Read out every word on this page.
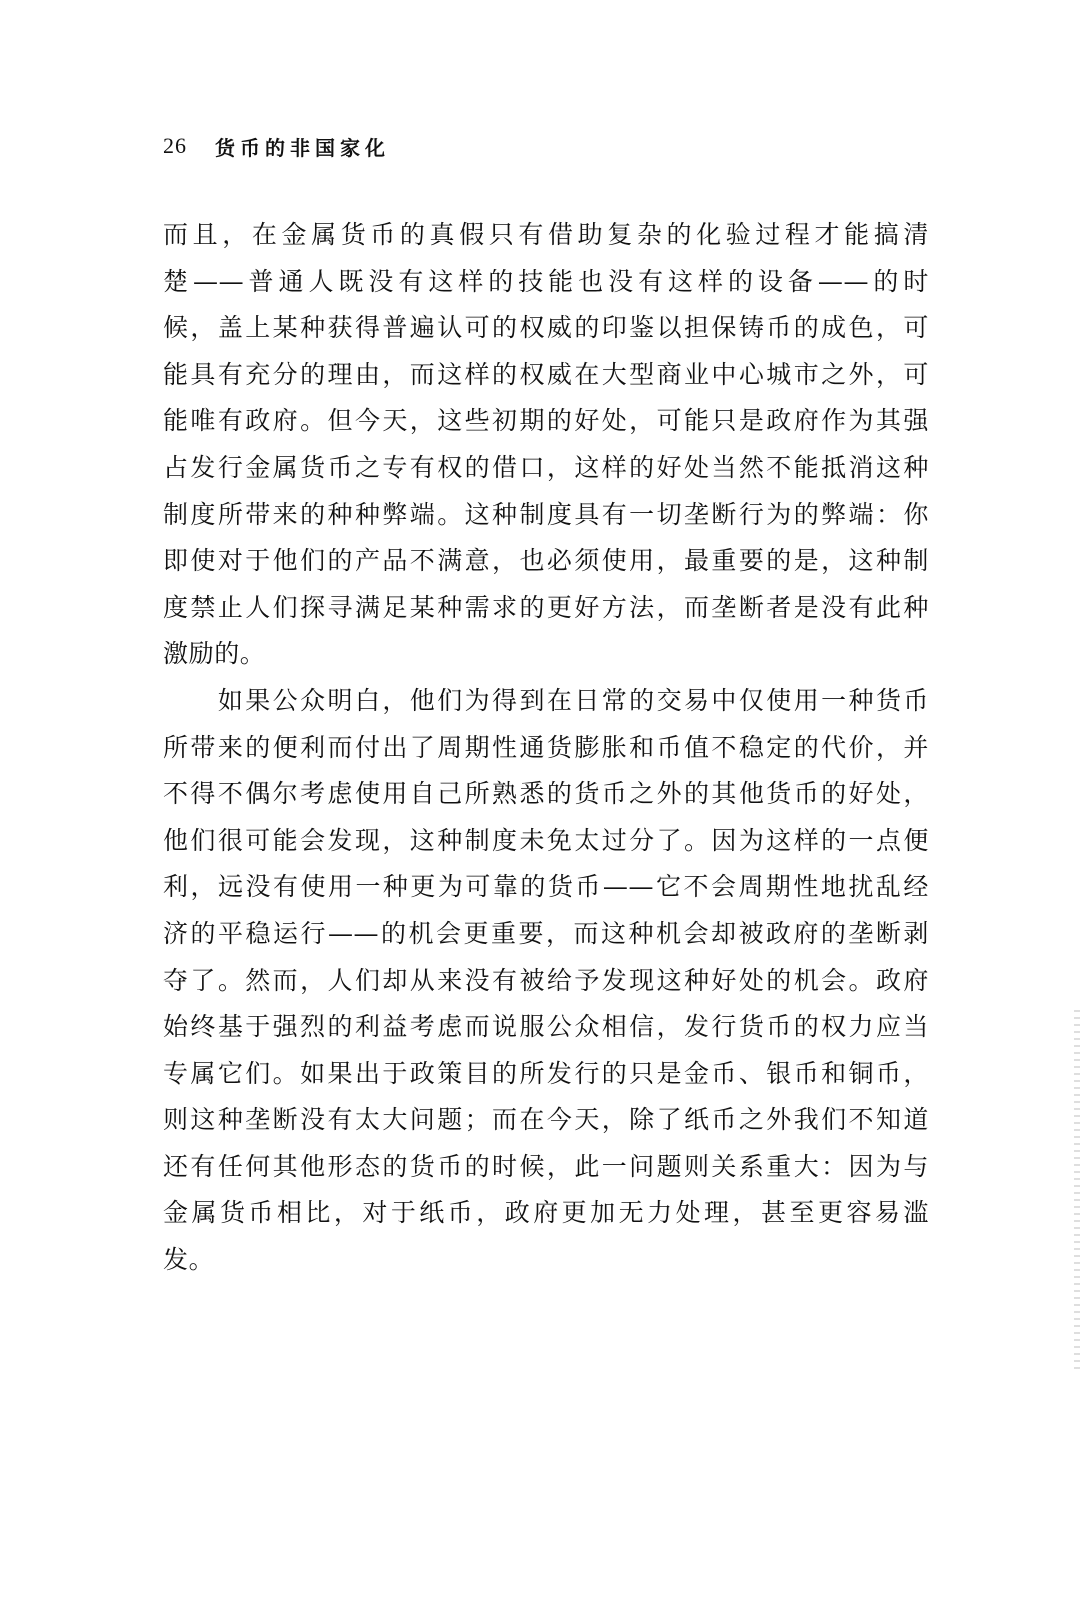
26 货币的非国家化
而且，在金属货币的真假只有借助复杂的化验过程才能搞清
楚——普通人既没有这样的技能也没有这样的设备——的时
候，盖上某种获得普遍认可的权威的印鉴以担保铸币的成色，可
能具有充分的理由，而这样的权威在大型商业中心城市之外，可
能唯有政府。但今天，这些初期的好处，可能只是政府作为其强
占发行金属货币之专有权的借口，这样的好处当然不能抵消这种
制度所带来的种种弊端。这种制度具有一切垄断行为的弊端：你
即使对于他们的产品不满意，也必须使用，最重要的是，这种制
度禁止人们探寻满足某种需求的更好方法，而垄断者是没有此种
激励的。
　　如果公众明白，他们为得到在日常的交易中仅使用一种货币
所带来的便利而付出了周期性通货膨胀和币值不稳定的代价，并
不得不偶尔考虑使用自己所熟悉的货币之外的其他货币的好处，
他们很可能会发现，这种制度未免太过分了。因为这样的一点便
利，远没有使用一种更为可靠的货币——它不会周期性地扰乱经
济的平稳运行——的机会更重要，而这种机会却被政府的垄断剥
夺了。然而，人们却从来没有被给予发现这种好处的机会。政府
始终基于强烈的利益考虑而说服公众相信，发行货币的权力应当
专属它们。如果出于政策目的所发行的只是金币、银币和铜币，
则这种垄断没有太大问题；而在今天，除了纸币之外我们不知道
还有任何其他形态的货币的时候，此一问题则关系重大：因为与
金属货币相比，对于纸币，政府更加无力处理，甚至更容易滥
发。
